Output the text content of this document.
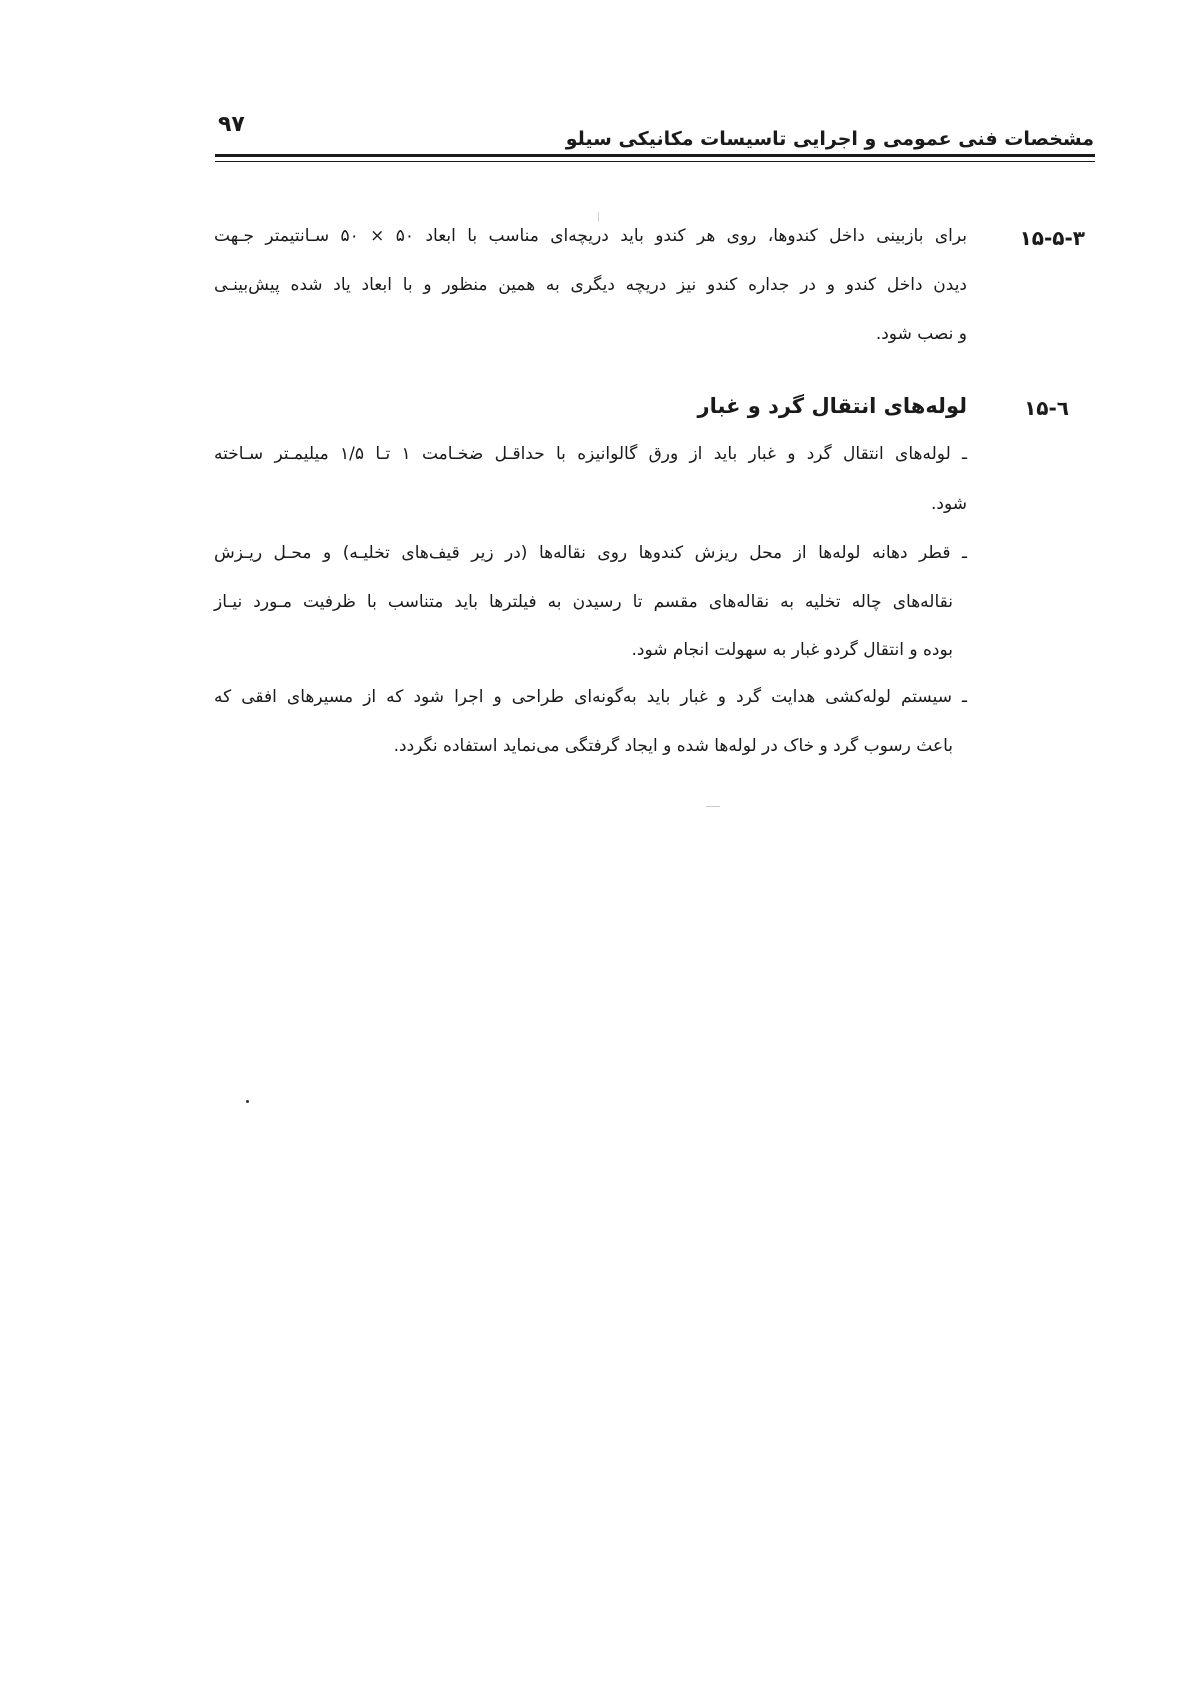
۹۷
مشخصات فنی عمومی و اجرایی تاسیسات مکانیکی سیلو
۱۵-۵-۳
برای بازبینی داخل کندوها، روی هر کندو باید دریچه‌ای مناسب با ابعاد ۵۰ × ۵۰ سـانتیمتر جـهت
دیدن داخل کندو و در جداره کندو نیز دریچه دیگری به همین منظور و با ابعاد یاد شده پیش‌بینـی
و نصب شود.
۱۵-٦
لوله‌های انتقال گرد و غبار
ـ لوله‌های انتقال گرد و غبار باید از ورق گالوانیزه با حداقـل ضخـامت ۱ تـا ۱/۵ میلیمـتر سـاخته
شود.
ـ قطر دهانه لوله‌ها از محل ریزش کندوها روی نقاله‌ها (در زیر قیف‌های تخلیـه) و محـل ریـزش
نقاله‌های چاله تخلیه به نقاله‌های مقسم تا رسیدن به فیلترها باید متناسب با ظرفیت مـورد نیـاز
بوده و انتقال گردو غبار به سهولت انجام شود.
ـ سیستم لوله‌کشی هدایت گرد و غبار باید به‌گونه‌ای طراحی و اجرا شود که از مسیرهای افقی که
باعث رسوب گرد و خاک در لوله‌ها شده و ایجاد گرفتگی می‌نماید استفاده نگردد.
